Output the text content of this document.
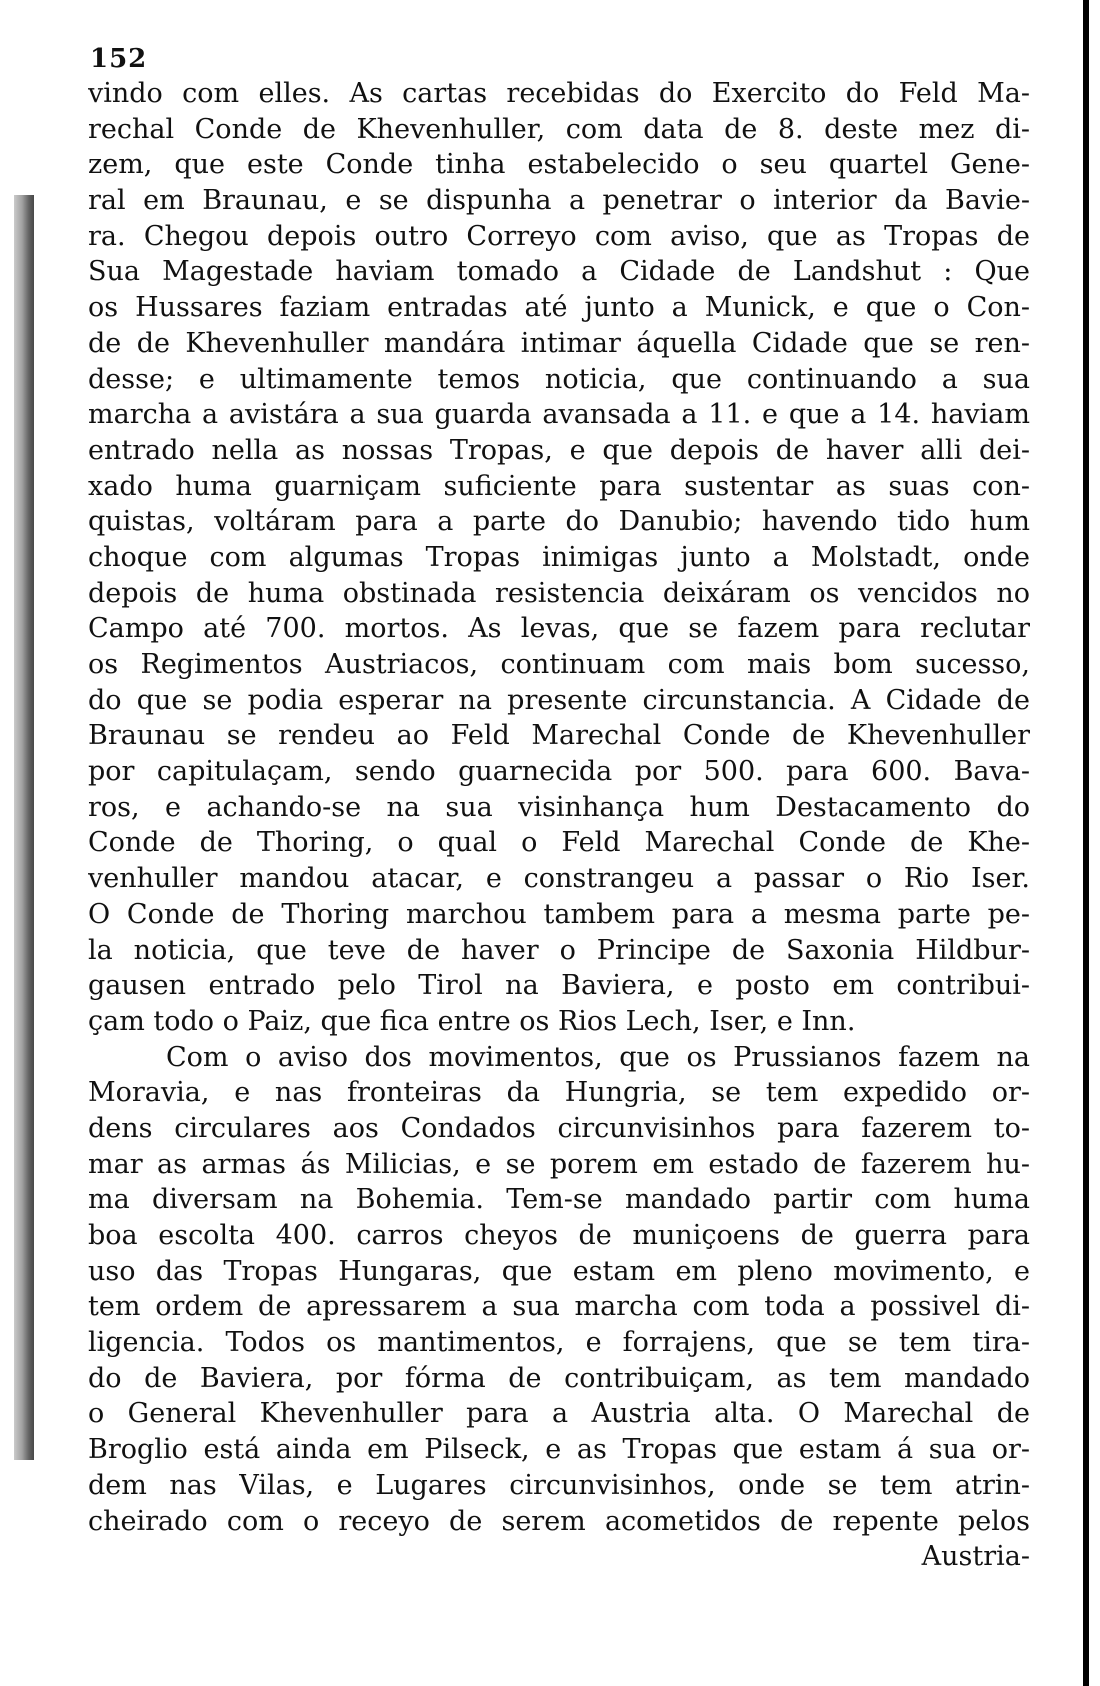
152
vindo com elles. As cartas recebidas do Exercito do Feld Ma-
rechal Conde de Khevenhuller, com data de 8. deste mez di-
zem, que este Conde tinha estabelecido o seu quartel Gene-
ral em Braunau, e se dispunha a penetrar o interior da Bavie-
ra. Chegou depois outro Correyo com aviso, que as Tropas de
Sua Magestade haviam tomado a Cidade de Landshut : Que
os Hussares faziam entradas até junto a Munick, e que o Con-
de de Khevenhuller mandára intimar áquella Cidade que se ren-
desse; e ultimamente temos noticia, que continuando a sua
marcha a avistára a sua guarda avansada a 11. e que a 14. haviam
entrado nella as nossas Tropas, e que depois de haver alli dei-
xado huma guarniçam suficiente para sustentar as suas con-
quistas, voltáram para a parte do Danubio; havendo tido hum
choque com algumas Tropas inimigas junto a Molstadt, onde
depois de huma obstinada resistencia deixáram os vencidos no
Campo até 700. mortos. As levas, que se fazem para reclutar
os Regimentos Austriacos, continuam com mais bom sucesso,
do que se podia esperar na presente circunstancia. A Cidade de
Braunau se rendeu ao Feld Marechal Conde de Khevenhuller
por capitulaçam, sendo guarnecida por 500. para 600. Bava-
ros, e achando-se na sua visinhança hum Destacamento do
Conde de Thoring, o qual o Feld Marechal Conde de Khe-
venhuller mandou atacar, e constrangeu a passar o Rio Iser.
O Conde de Thoring marchou tambem para a mesma parte pe-
la noticia, que teve de haver o Principe de Saxonia Hildbur-
gausen entrado pelo Tirol na Baviera, e posto em contribui-
çam todo o Paiz, que fica entre os Rios Lech, Iser, e Inn.
Com o aviso dos movimentos, que os Prussianos fazem na
Moravia, e nas fronteiras da Hungria, se tem expedido or-
dens circulares aos Condados circunvisinhos para fazerem to-
mar as armas ás Milicias, e se porem em estado de fazerem hu-
ma diversam na Bohemia. Tem-se mandado partir com huma
boa escolta 400. carros cheyos de muniçoens de guerra para
uso das Tropas Hungaras, que estam em pleno movimento, e
tem ordem de apressarem a sua marcha com toda a possivel di-
ligencia. Todos os mantimentos, e forrajens, que se tem tira-
do de Baviera, por fórma de contribuiçam, as tem mandado
o General Khevenhuller para a Austria alta. O Marechal de
Broglio está ainda em Pilseck, e as Tropas que estam á sua or-
dem nas Vilas, e Lugares circunvisinhos, onde se tem atrin-
cheirado com o receyo de serem acometidos de repente pelos
Austria-
